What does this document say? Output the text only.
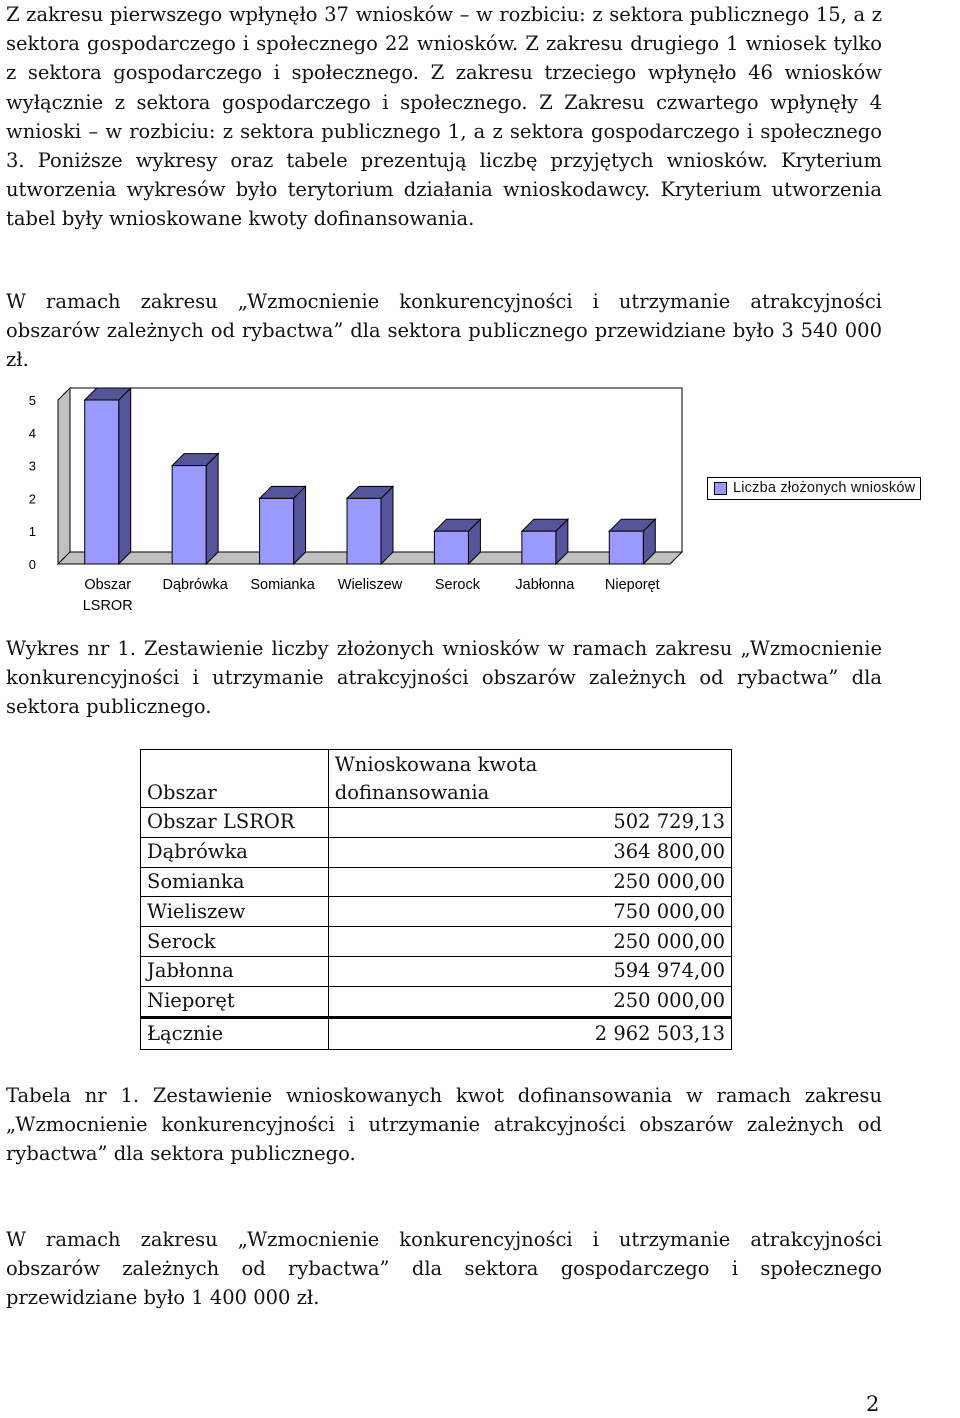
Z zakresu pierwszego wpłynęło 37 wniosków – w rozbiciu: z sektora publicznego 15, a z sektora gospodarczego i społecznego 22 wniosków. Z zakresu drugiego 1 wniosek tylko z sektora gospodarczego i społecznego. Z zakresu trzeciego wpłynęło 46 wniosków wyłącznie z sektora gospodarczego i społecznego. Z Zakresu czwartego wpłynęły 4 wnioski – w rozbiciu: z sektora publicznego 1, a z sektora gospodarczego i społecznego 3. Poniższe wykresy oraz tabele prezentują liczbę przyjętych wniosków. Kryterium utworzenia wykresów było terytorium działania wnioskodawcy. Kryterium utworzenia tabel były wnioskowane kwoty dofinansowania.

W ramach zakresu „Wzmocnienie konkurencyjności i utrzymanie atrakcyjności obszarów zależnych od rybactwa” dla sektora publicznego przewidziane było 3 540 000 zł.

0
1
2
3
4
5
Obszar
LSROR
Dąbrówka Somianka Wieliszew Serock Jabłonna Nieporęt
Liczba złożonych wniosków

Wykres nr 1. Zestawienie liczby złożonych wniosków w ramach zakresu „Wzmocnienie konkurencyjności i utrzymanie atrakcyjności obszarów zależnych od rybactwa” dla sektora publicznego.

Obszar	Wnioskowana kwota
dofinansowania

Obszar LSROR	502 729,13
Dąbrówka	364 800,00
Somianka	250 000,00
Wieliszew	750 000,00
Serock	250 000,00
Jabłonna	594 974,00
Nieporęt	250 000,00
Łącznie	2 962 503,13

Tabela nr 1. Zestawienie wnioskowanych kwot dofinansowania w ramach zakresu „Wzmocnienie konkurencyjności i utrzymanie atrakcyjności obszarów zależnych od rybactwa” dla sektora publicznego.

W ramach zakresu „Wzmocnienie konkurencyjności i utrzymanie atrakcyjności obszarów zależnych od rybactwa” dla sektora gospodarczego i społecznego przewidziane było 1 400 000 zł.

2
